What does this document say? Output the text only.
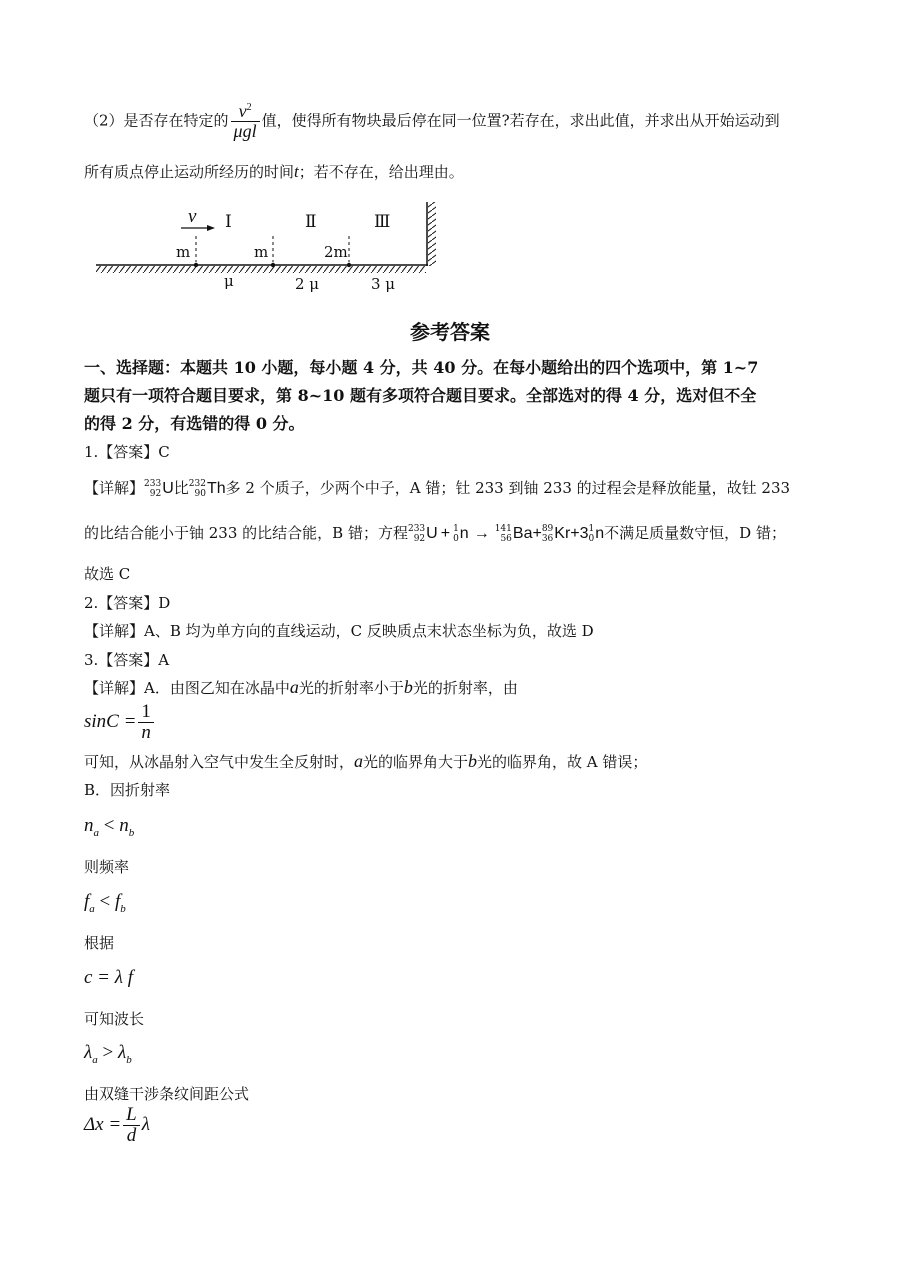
（2）是否存在特定的 $\frac{v^2}{\text{μgl}}$ 值，使得所有物块最后停在同一位置?若存在，求出此值，并求出从开始运动到
所有质点停止运动所经历的时间t；若不存在，给出理由。
v Ⅰ	Ⅱ	Ⅲ
m	m	2m
μ	2 μ	3 μ
参考答案
一、选择题：本题共 10 小题，每小题 4 分，共 40 分。在每小题给出的四个选项中，第 1~7
题只有一项符合题目要求，第 8~10 题有多项符合题目要求。全部选对的得 4 分，选对但不全
的得 2 分，有选错的得 0 分。
1.【答案】C
【详解】 233
92 U比 232
90 Th多 2 个质子，少两个中子，A 错；钍 233 到铀 233 的过程会是释放能量，故钍 233
的比结合能小于铀 233 的比结合能，B 错；方程 233
92 U + 1
0 n → 141
56 Ba+ 89
36 Kr+3 1
0 n不满足质量数守恒，D 错；
故选 C
2.【答案】D
【详解】A、B 均为单方向的直线运动，C 反映质点末状态坐标为负，故选 D
3.【答案】A
【详解】A．由图乙知在冰晶中a光的折射率小于b光的折射率，由
$\sin C = \frac{1}{n}$
可知，从冰晶射入空气中发生全反射时，a光的临界角大于b光的临界角，故 A 错误；
B．因折射率
$n_a < n_b$
则频率
$f_a < f_b$
根据
c = λ f
可知波长
$\lambda_a > \lambda_b$
由双缝干涉条纹间距公式
$\Delta x = \frac{L}{d}$ λ
